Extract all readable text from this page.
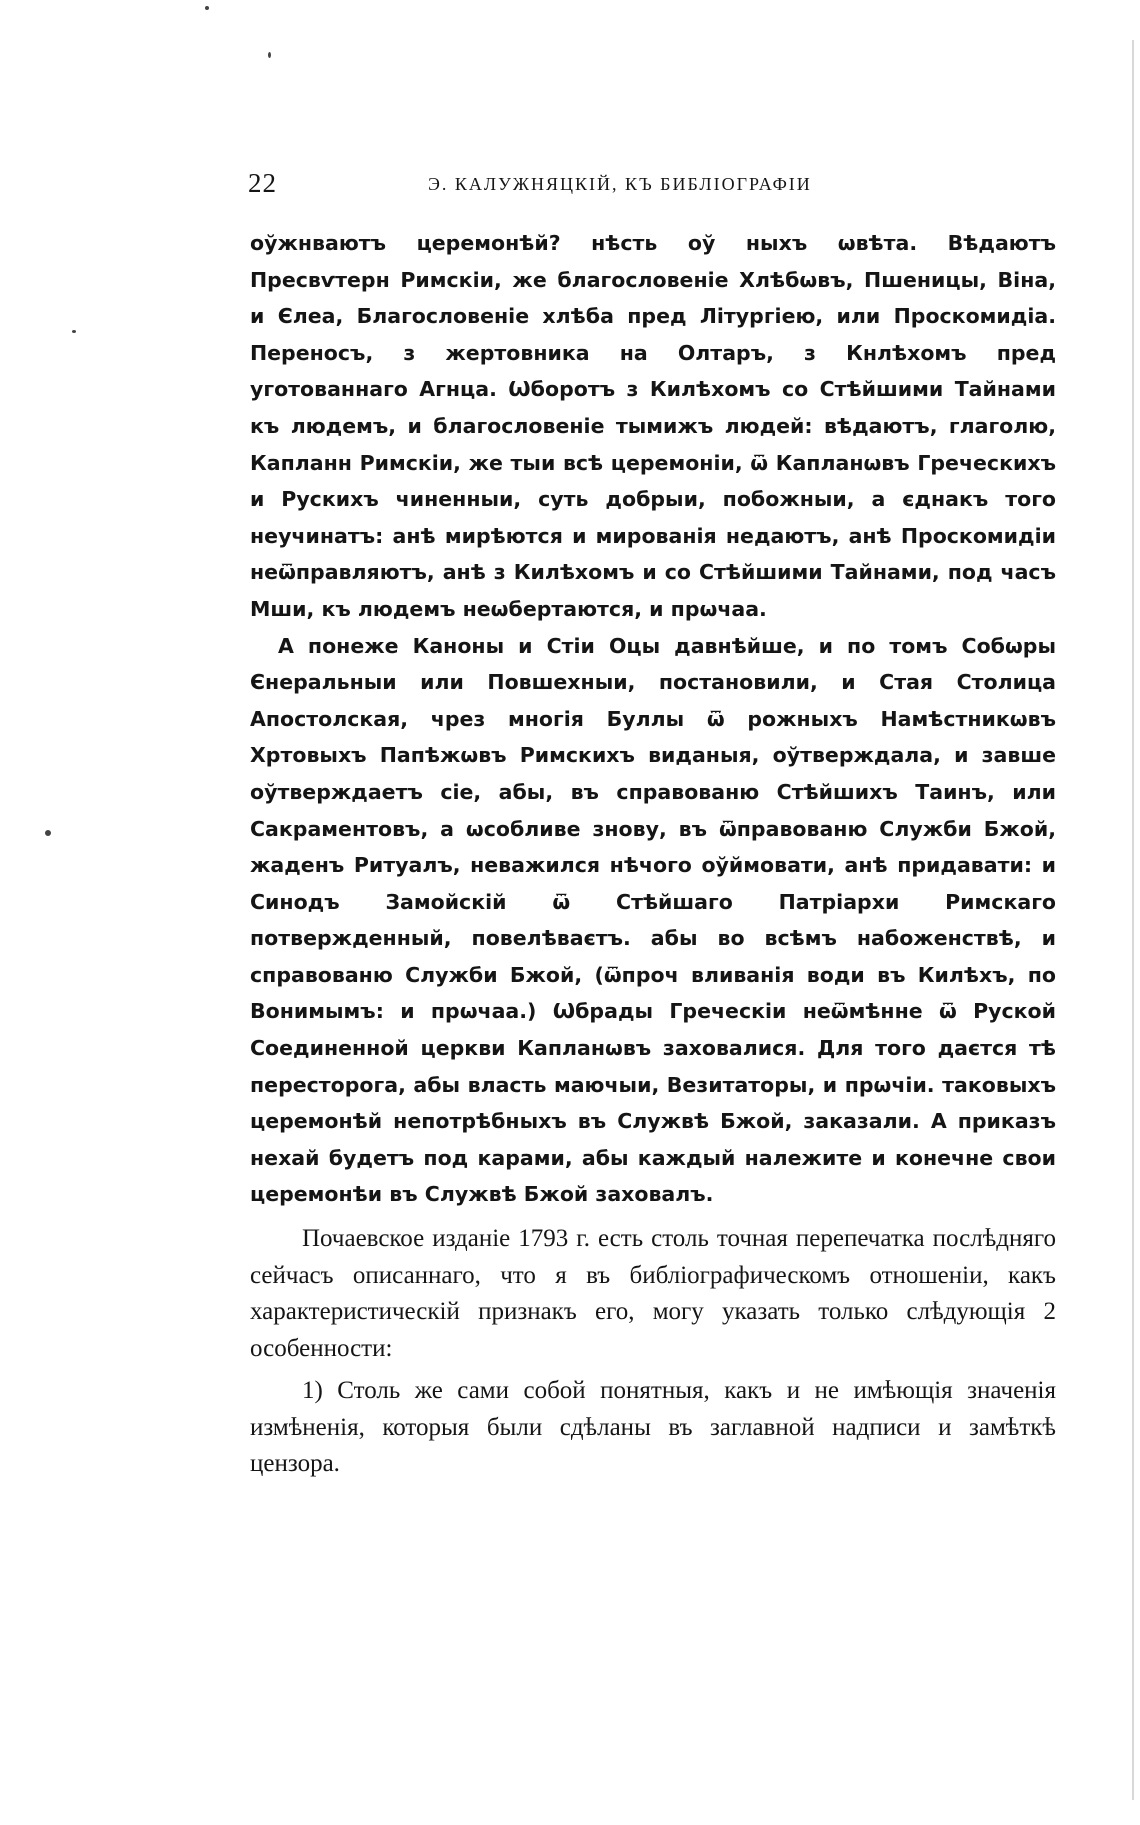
22	Э. КАЛУЖНЯЦКІЙ, КЪ БИБЛІОГРАФІИ

оўжнваютъ церемонѣй? нѣсть оў ныхъ ѡвѣта. Вѣдаютъ Пресвѵтерн Римскіи, же благословеніе Хлѣбѡвъ, Пшеницы, Віна, и Єлеа, Благословеніе хлѣба пред Літургіею, или Проскомидіа. Переносъ, з жертовника на Олтаръ, з Кнлѣхомъ пред уготованнаго Агнца. Ѡборотъ з Килѣхомъ со Стѣйшими Тайнами къ людемъ, и благословеніе тымижъ людей: вѣдаютъ, глаголю, Капланн Римскіи, же тыи всѣ церемоніи, ѿ Капланѡвъ Греческихъ и Рускихъ чиненныи, суть добрыи, побожныи, а єднакъ того неучинатъ: анѣ мирѣются и мированія недаютъ, анѣ Проскомидіи неѿправляютъ, анѣ з Килѣхомъ и со Стѣйшими Тайнами, под часъ Мши, къ людемъ неѡбертаются, и прѡчаа.

А понеже Каноны и Стіи Оцы давнѣйше, и по томъ Собѡры Єнеральныи или Повшехныи, постановили, и Стая Столица Апостолская, чрез многія Буллы ѿ рожныхъ Намѣстникѡвъ Хртовыхъ Папѣжѡвъ Римскихъ виданыя, оўтверждала, и завше оўтверждаетъ сіе, абы, въ справованю Стѣйшихъ Таинъ, или Сакраментовъ, а ѡсобливе знову, въ ѿправованю Служби Бжой, жаденъ Ритуалъ, неважился нѣчого оўймовати, анѣ придавати: и Синодъ Замойскій ѿ Стѣйшаго Патріархи Римскаго потвержденный, повелѣваєтъ. абы во всѣмъ набоженствѣ, и справованю Служби Бжой, (ѿпроч вливанія води въ Килѣхъ, по Вонимымъ: и прѡчаа.) Ѡбрады Греческіи неѿмѣнне ѿ Руской Соединенной церкви Капланѡвъ заховалися. Для того даєтся тѣ пересторога, абы власть маючыи, Везитаторы, и прѡчіи. таковыхъ церемонѣй непотрѣбныхъ въ Служвѣ Бжой, заказали. А приказъ нехай будетъ под карами, абы каждый належите и конечне свои церемонѣи въ Служвѣ Бжой заховалъ.

Почаевское изданіе 1793 г. есть столь точная перепечатка послѣдняго сейчасъ описаннаго, что я въ библіографическомъ отношеніи, какъ характеристическій признакъ его, могу указать только слѣдующія 2 особенности:

1) Столь же сами собой понятныя, какъ и не имѣющія значенія измѣненія, которыя были сдѣланы въ заглавной надписи и замѣткѣ цензора.
